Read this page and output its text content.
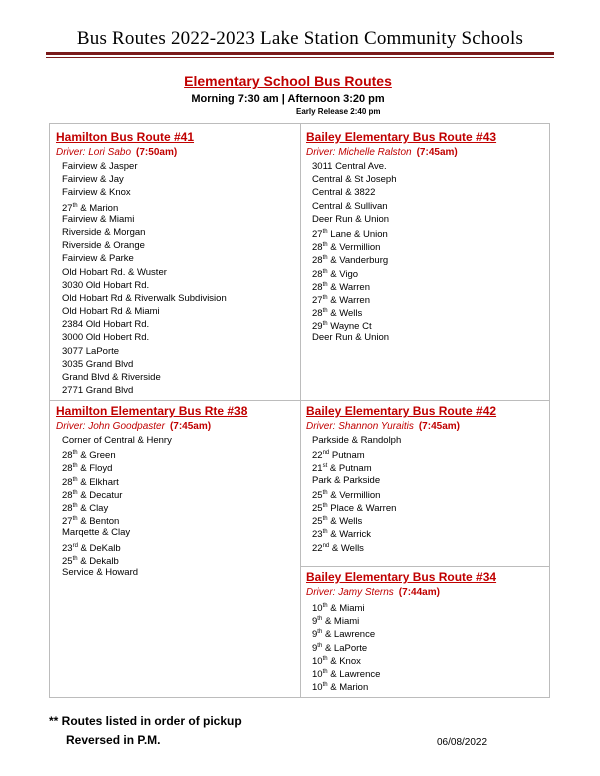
Bus Routes 2022-2023 Lake Station Community Schools
Elementary School Bus Routes
Morning 7:30 am | Afternoon 3:20 pm
Early Release 2:40 pm
Hamilton Bus Route #41
Driver: Lori Sabo (7:50am)
Fairview & Jasper
Fairview & Jay
Fairview & Knox
27th & Marion
Fairview & Miami
Riverside & Morgan
Riverside & Orange
Fairview & Parke
Old Hobart Rd. & Wuster
3030 Old Hobart Rd.
Old Hobart Rd & Riverwalk Subdivision
Old Hobart Rd & Miami
2384 Old Hobart Rd.
3000 Old Hobert Rd.
3077 LaPorte
3035 Grand Blvd
Grand Blvd & Riverside
2771 Grand Blvd
Bailey Elementary Bus Route #43
Driver: Michelle Ralston (7:45am)
3011 Central Ave.
Central & St Joseph
Central & 3822
Central & Sullivan
Deer Run & Union
27th Lane & Union
28th & Vermillion
28th & Vanderburg
28th & Vigo
28th & Warren
27th & Warren
28th & Wells
29th Wayne Ct
Deer Run & Union
Hamilton Elementary Bus Rte #38
Driver: John Goodpaster (7:45am)
Corner of Central & Henry
28th & Green
28th & Floyd
28th & Elkhart
28th & Decatur
28th & Clay
27th & Benton
Marqette & Clay
23rd & DeKalb
25th & Dekalb
Service & Howard
Bailey Elementary Bus Route #42
Driver: Shannon Yuraitis (7:45am)
Parkside & Randolph
22nd Putnam
21st & Putnam
Park & Parkside
25th & Vermillion
25th Place & Warren
25th & Wells
23th & Warrick
22nd & Wells
Bailey Elementary Bus Route #34
Driver: Jamy Sterns (7:44am)
10th & Miami
9th & Miami
9th & Lawrence
9th & LaPorte
10th & Knox
10th & Lawrence
10th & Marion
** Routes listed in order of pickup
Reversed in P.M.	06/08/2022
